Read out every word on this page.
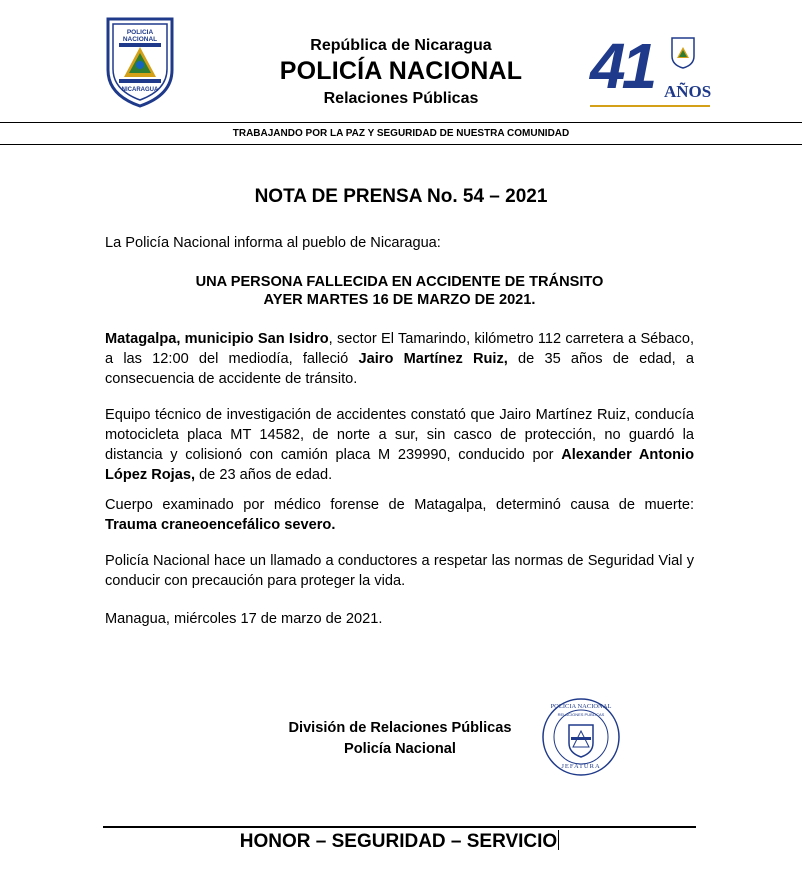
POLICIA NACIONAL
NICARAGUA
República de Nicaragua
POLICÍA NACIONAL
Relaciones Públicas	41 AÑOS
TRABAJANDO POR LA PAZ Y SEGURIDAD DE NUESTRA COMUNIDAD
NOTA DE PRENSA No. 54 – 2021
La Policía Nacional informa al pueblo de Nicaragua:
UNA PERSONA FALLECIDA EN ACCIDENTE DE TRÁNSITO
AYER MARTES 16 DE MARZO DE 2021.
Matagalpa, municipio San Isidro, sector El Tamarindo, kilómetro 112 carretera a Sébaco, a las 12:00 del mediodía, falleció Jairo Martínez Ruiz, de 35 años de edad, a consecuencia de accidente de tránsito.
Equipo técnico de investigación de accidentes constató que Jairo Martínez Ruiz, conducía motocicleta placa MT 14582, de norte a sur, sin casco de protección, no guardó la distancia y colisionó con camión placa M 239990, conducido por Alexander Antonio López Rojas, de 23 años de edad.
Cuerpo examinado por médico forense de Matagalpa, determinó causa de muerte: Trauma craneoencefálico severo.
Policía Nacional hace un llamado a conductores a respetar las normas de Seguridad Vial y conducir con precaución para proteger la vida.
Managua, miércoles 17 de marzo de 2021.
División de Relaciones Públicas
Policía Nacional
POLICIA NACIONAL
RELACIONES PUBLICAS
JEFATURA
HONOR – SEGURIDAD – SERVICIO
